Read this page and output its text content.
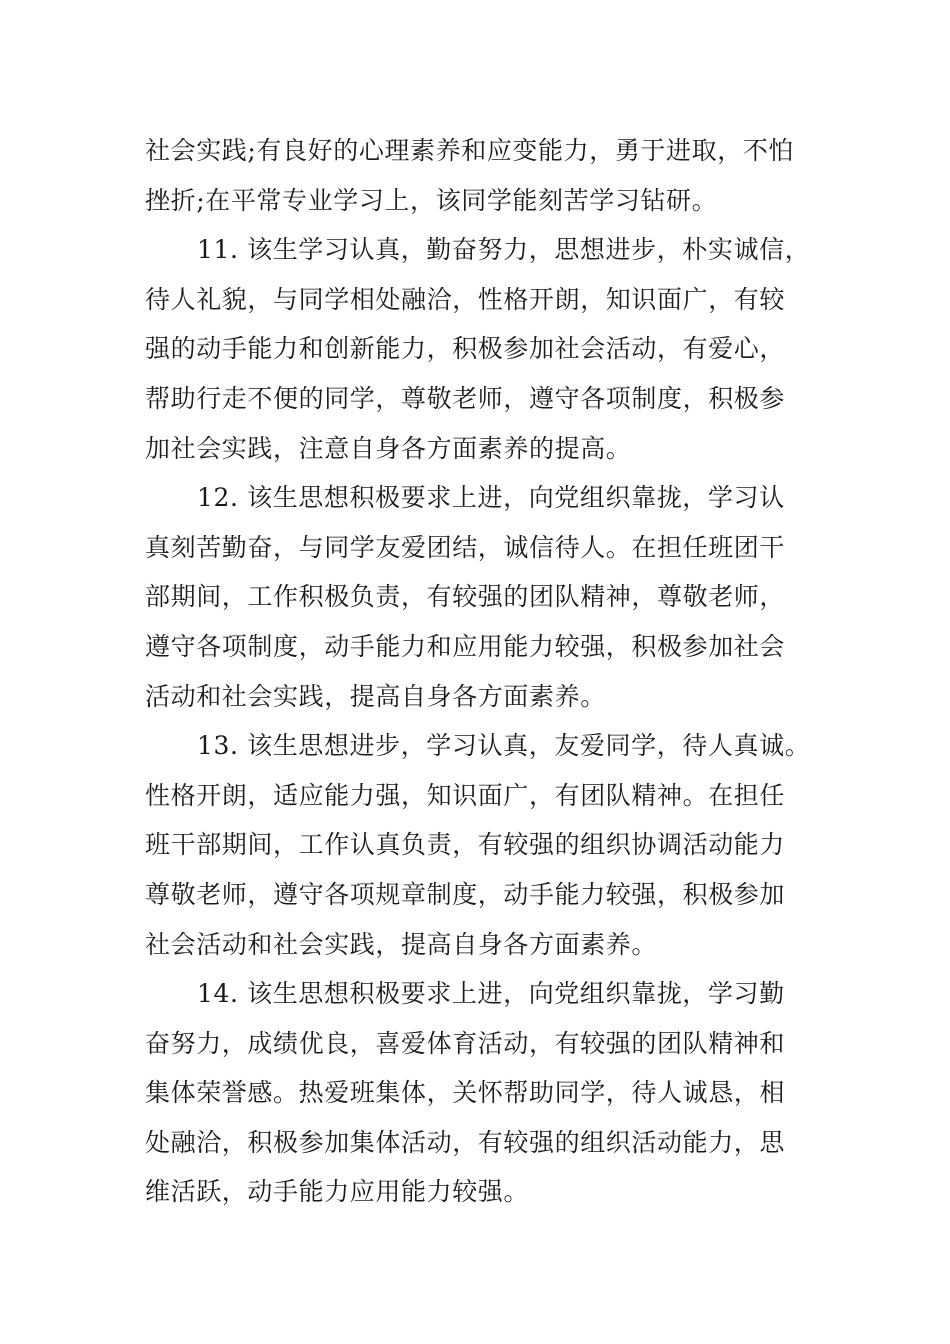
社会实践;有良好的心理素养和应变能力，勇于进取，不怕
挫折;在平常专业学习上，该同学能刻苦学习钻研。
11. 该生学习认真，勤奋努力，思想进步，朴实诚信，
待人礼貌，与同学相处融洽，性格开朗，知识面广，有较
强的动手能力和创新能力，积极参加社会活动，有爱心，
帮助行走不便的同学，尊敬老师，遵守各项制度，积极参
加社会实践，注意自身各方面素养的提高。
12. 该生思想积极要求上进，向党组织靠拢，学习认
真刻苦勤奋，与同学友爱团结，诚信待人。在担任班团干
部期间，工作积极负责，有较强的团队精神，尊敬老师，
遵守各项制度，动手能力和应用能力较强，积极参加社会
活动和社会实践，提高自身各方面素养。
13. 该生思想进步，学习认真，友爱同学，待人真诚。
性格开朗，适应能力强，知识面广，有团队精神。在担任
班干部期间，工作认真负责，有较强的组织协调活动能力
尊敬老师，遵守各项规章制度，动手能力较强，积极参加
社会活动和社会实践，提高自身各方面素养。
14. 该生思想积极要求上进，向党组织靠拢，学习勤
奋努力，成绩优良，喜爱体育活动，有较强的团队精神和
集体荣誉感。热爱班集体，关怀帮助同学，待人诚恳，相
处融洽，积极参加集体活动，有较强的组织活动能力，思
维活跃，动手能力应用能力较强。
